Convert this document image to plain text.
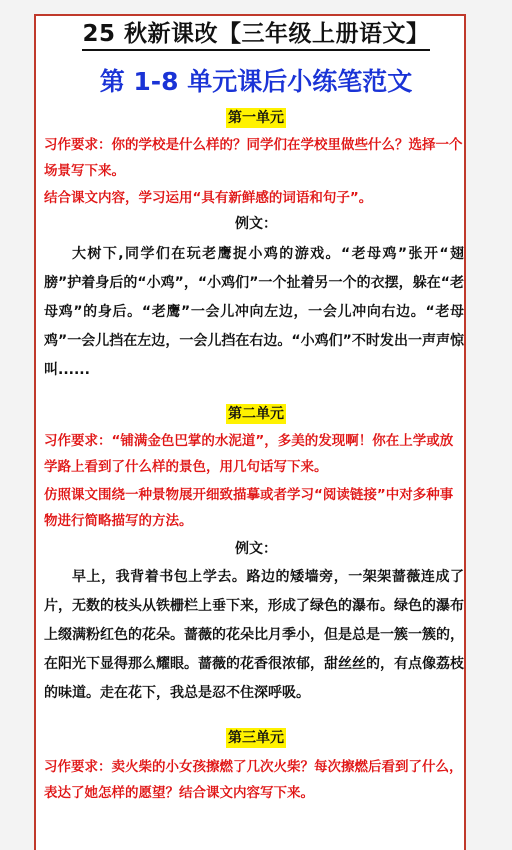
25 秋新课改【三年级上册语文】
第 1-8 单元课后小练笔范文
第一单元
习作要求：你的学校是什么样的？同学们在学校里做些什么？选择一个场景写下来。
结合课文内容，学习运用“具有新鲜感的词语和句子”。
例文：
大树下,同学们在玩老鹰捉小鸡的游戏。“老母鸡”张开“翅膀”护着身后的“小鸡”，“小鸡们”一个扯着另一个的衣摆，躲在“老母鸡”的身后。“老鹰”一会儿冲向左边，一会儿冲向右边。“老母鸡”一会儿挡在左边，一会儿挡在右边。“小鸡们”不时发出一声声惊叫......
第二单元
习作要求：“铺满金色巴掌的水泥道”，多美的发现啊！你在上学或放学路上看到了什么样的景色，用几句话写下来。
仿照课文围绕一种景物展开细致描摹或者学习“阅读链接”中对多种事物进行简略描写的方法。
例文：
早上，我背着书包上学去。路边的矮墙旁，一架架蔷薇连成了片，无数的枝头从铁栅栏上垂下来，形成了绿色的瀑布。绿色的瀑布上缀满粉红色的花朵。蔷薇的花朵比月季小，但是总是一簇一簇的，在阳光下显得那么耀眼。蔷薇的花香很浓郁，甜丝丝的，有点像荔枝的味道。走在花下，我总是忍不住深呼吸。
第三单元
习作要求：卖火柴的小女孩擦燃了几次火柴？每次擦燃后看到了什么，表达了她怎样的愿望？结合课文内容写下来。
